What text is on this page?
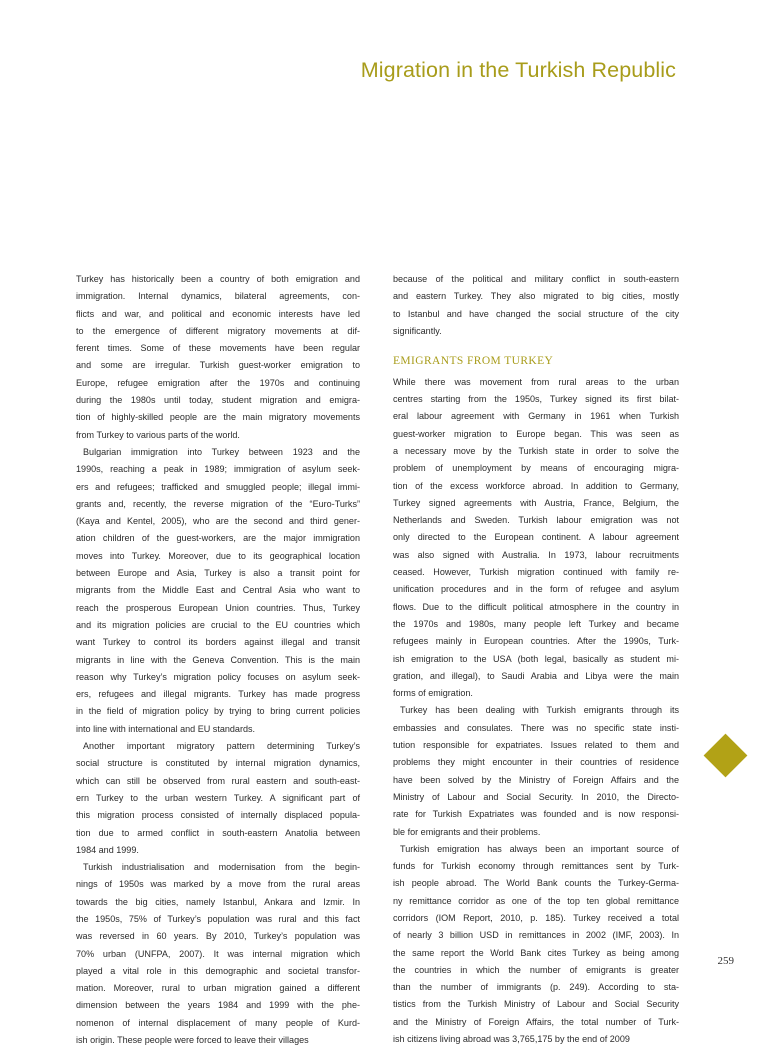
Migration in the Turkish Republic

Turkey has historically been a country of both emigration and

immigration. Internal dynamics, bilateral agreements, con-

flicts and war, and political and economic interests have led

to the emergence of different migratory movements at dif-

ferent times. Some of these movements have been regular

and some are irregular. Turkish guest-worker emigration to

Europe, refugee emigration after the 1970s and continuing

during the 1980s until today, student migration and emigra-

tion of highly-skilled people are the main migratory movements

from Turkey to various parts of the world.

Bulgarian immigration into Turkey between 1923 and the

1990s, reaching a peak in 1989; immigration of asylum seek-

ers and refugees; trafficked and smuggled people; illegal immi-

grants and, recently, the reverse migration of the “Euro-Turks”

(Kaya and Kentel, 2005), who are the second and third gener-

ation children of the guest-workers, are the major immigration

moves into Turkey. Moreover, due to its geographical location

between Europe and Asia, Turkey is also a transit point for

migrants from the Middle East and Central Asia who want to

reach the prosperous European Union countries. Thus, Turkey

and its migration policies are crucial to the EU countries which

want Turkey to control its borders against illegal and transit

migrants in line with the Geneva Convention. This is the main

reason why Turkey’s migration policy focuses on asylum seek-

ers, refugees and illegal migrants. Turkey has made progress

in the field of migration policy by trying to bring current policies

into line with international and EU standards.

Another important migratory pattern determining Turkey’s

social structure is constituted by internal migration dynamics,

which can still be observed from rural eastern and south-east-

ern Turkey to the urban western Turkey. A significant part of

this migration process consisted of internally displaced popula-

tion due to armed conflict in south-eastern Anatolia between

1984 and 1999.

Turkish industrialisation and modernisation from the begin-

nings of 1950s was marked by a move from the rural areas

towards the big cities, namely Istanbul, Ankara and Izmir. In

the 1950s, 75% of Turkey’s population was rural and this fact

was reversed in 60 years. By 2010, Turkey’s population was

70% urban (UNFPA, 2007). It was internal migration which

played a vital role in this demographic and societal transfor-

mation. Moreover, rural to urban migration gained a different

dimension between the years 1984 and 1999 with the phe-

nomenon of internal displacement of many people of Kurd-

ish origin. These people were forced to leave their villages

because of the political and military conflict in south-eastern

and eastern Turkey. They also migrated to big cities, mostly

to Istanbul and have changed the social structure of the city

significantly.

EMIGRANTS FROM TURKEY

While there was movement from rural areas to the urban

centres starting from the 1950s, Turkey signed its first bilat-

eral labour agreement with Germany in 1961 when Turkish

guest-worker migration to Europe began. This was seen as

a necessary move by the Turkish state in order to solve the

problem of unemployment by means of encouraging migra-

tion of the excess workforce abroad. In addition to Germany,

Turkey signed agreements with Austria, France, Belgium, the

Netherlands and Sweden. Turkish labour emigration was not

only directed to the European continent. A labour agreement

was also signed with Australia. In 1973, labour recruitments

ceased. However, Turkish migration continued with family re-

unification procedures and in the form of refugee and asylum

flows. Due to the difficult political atmosphere in the country in

the 1970s and 1980s, many people left Turkey and became

refugees mainly in European countries. After the 1990s, Turk-

ish emigration to the USA (both legal, basically as student mi-

gration, and illegal), to Saudi Arabia and Libya were the main

forms of emigration.

Turkey has been dealing with Turkish emigrants through its

embassies and consulates. There was no specific state insti-

tution responsible for expatriates. Issues related to them and

problems they might encounter in their countries of residence

have been solved by the Ministry of Foreign Affairs and the

Ministry of Labour and Social Security. In 2010, the Directo-

rate for Turkish Expatriates was founded and is now responsi-

ble for emigrants and their problems.

Turkish emigration has always been an important source of

funds for Turkish economy through remittances sent by Turk-

ish people abroad. The World Bank counts the Turkey-Germa-

ny remittance corridor as one of the top ten global remittance

corridors (IOM Report, 2010, p. 185). Turkey received a total

of nearly 3 billion USD in remittances in 2002 (IMF, 2003). In

the same report the World Bank cites Turkey as being among

the countries in which the number of emigrants is greater

than the number of immigrants (p. 249). According to sta-

tistics from the Turkish Ministry of Labour and Social Security

and the Ministry of Foreign Affairs, the total number of Turk-

ish citizens living abroad was 3,765,175 by the end of 2009

259
